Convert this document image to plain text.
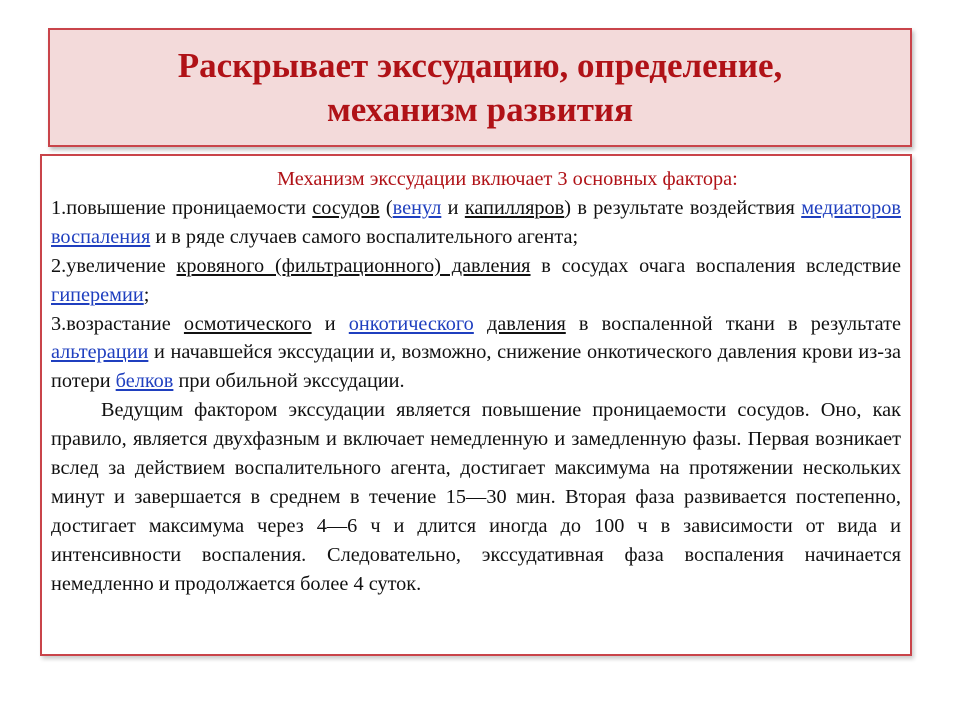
Раскрывает экссудацию, определение,
механизм развития
Механизм экссудации включает 3 основных фактора:
1.повышение проницаемости сосудов (венул и капилляров) в результате воздействия медиаторов воспаления и в ряде случаев самого воспалительного агента;
2.увеличение кровяного (фильтрационного) давления в сосудах очага воспаления вследствие гиперемии;
3.возрастание осмотического и онкотического давления в воспаленной ткани в результате альтерации и начавшейся экссудации и, возможно, снижение онкотического давления крови из-за потери белков при обильной экссудации.
Ведущим фактором экссудации является повышение проницаемости сосудов. Оно, как правило, является двухфазным и включает немедленную и замедленную фазы. Первая возникает вслед за действием воспалительного агента, достигает максимума на протяжении нескольких минут и завершается в среднем в течение 15—30 мин. Вторая фаза развивается постепенно, достигает максимума через 4—6 ч и длится иногда до 100 ч в зависимости от вида и интенсивности воспаления. Следовательно, экссудативная фаза воспаления начинается немедленно и продолжается более 4 суток.
